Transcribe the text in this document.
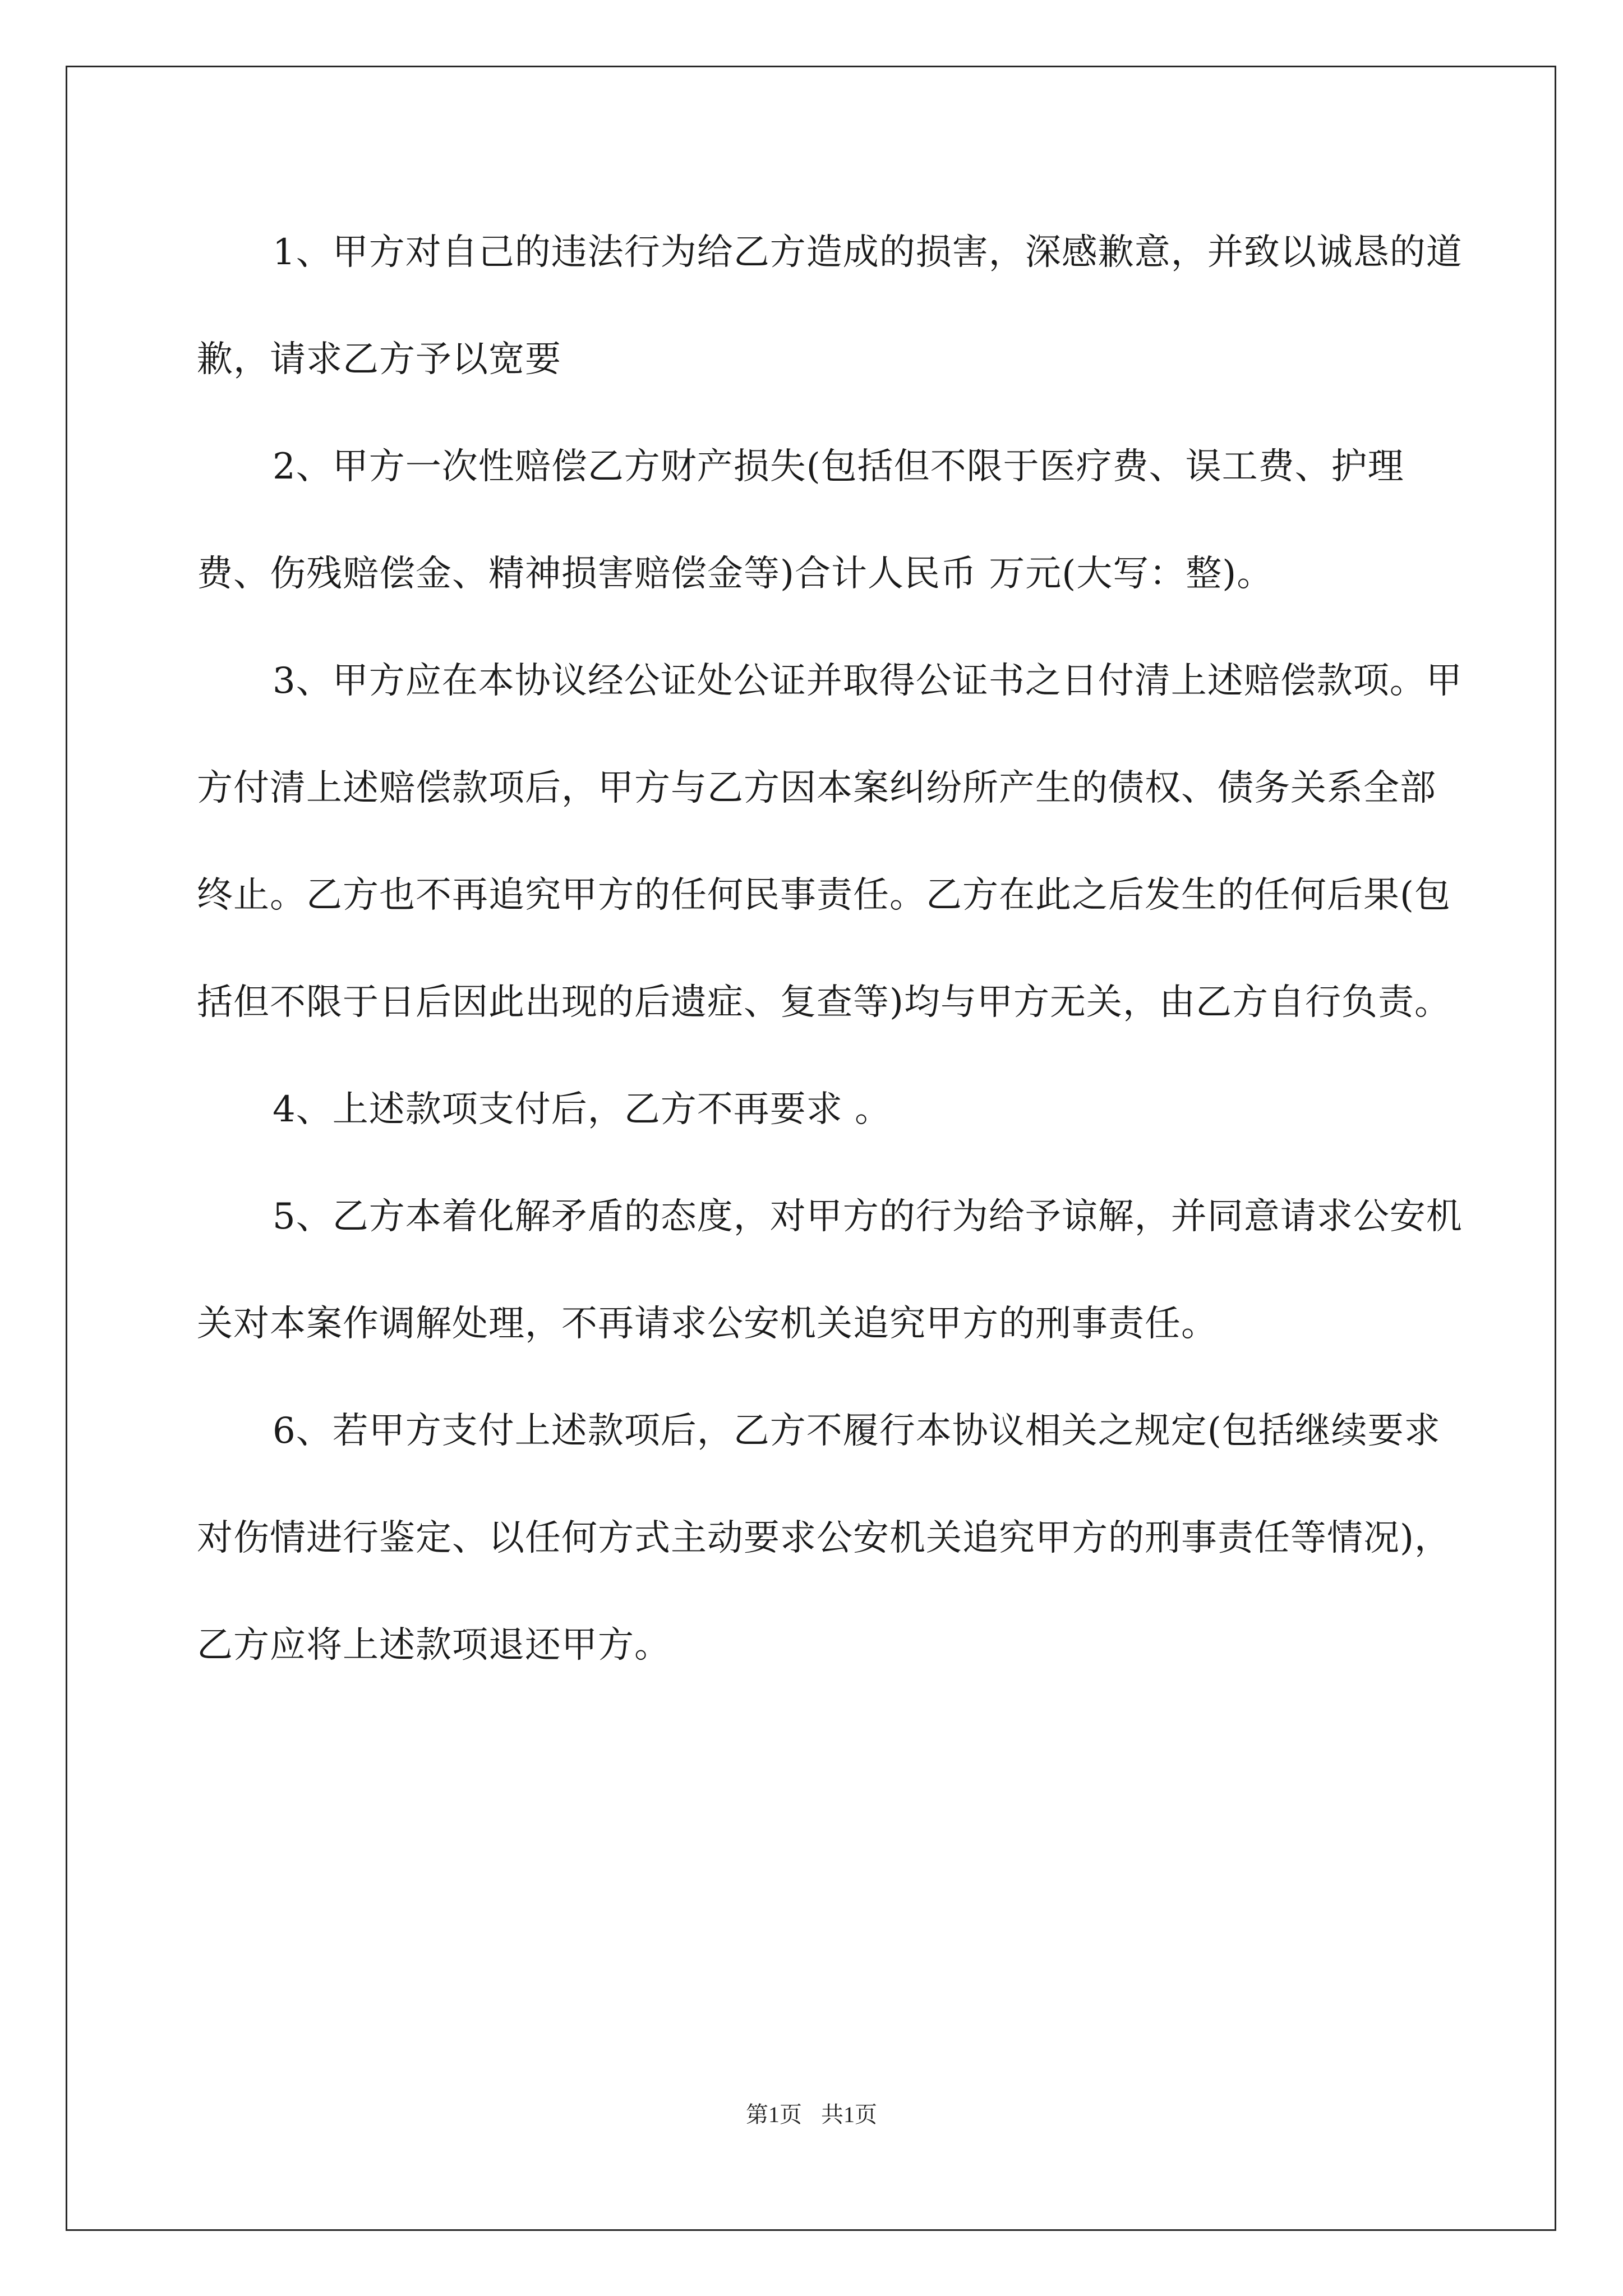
1、甲方对自己的违法行为给乙方造成的损害，深感歉意，并致以诚恳的道歉，请求乙方予以宽要

2、甲方一次性赔偿乙方财产损失(包括但不限于医疗费、误工费、护理费、伤残赔偿金、精神损害赔偿金等)合计人民币 万元(大写：整)。

3、甲方应在本协议经公证处公证并取得公证书之日付清上述赔偿款项。甲方付清上述赔偿款项后，甲方与乙方因本案纠纷所产生的债权、债务关系全部终止。乙方也不再追究甲方的任何民事责任。乙方在此之后发生的任何后果(包括但不限于日后因此出现的后遗症、复查等)均与甲方无关，由乙方自行负责。

4、上述款项支付后，乙方不再要求 。

5、乙方本着化解矛盾的态度，对甲方的行为给予谅解，并同意请求公安机关对本案作调解处理，不再请求公安机关追究甲方的刑事责任。

6、若甲方支付上述款项后，乙方不履行本协议相关之规定(包括继续要求对伤情进行鉴定、以任何方式主动要求公安机关追究甲方的刑事责任等情况)，乙方应将上述款项退还甲方。

第1页 共1页
